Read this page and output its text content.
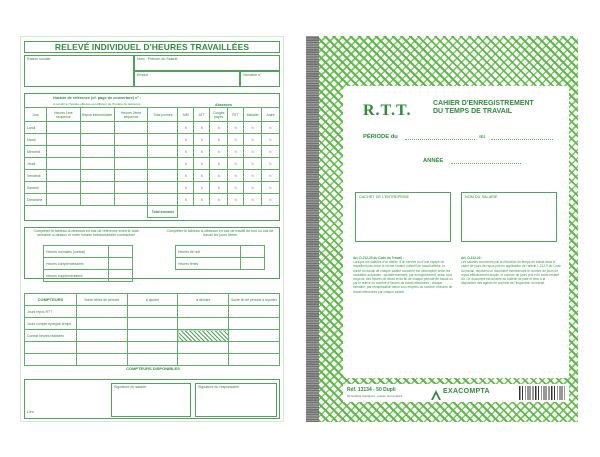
RELEVÉ INDIVIDUEL D'HEURES TRAVAILLÉES
Raison sociale	Nom - Prénom du Salarié
Emploi	Semaine n°
Horaire de référence (cf. page de couverture) n° :
A remplir si l'horaire effectué est différent de l'horaire de référence	Absences
Jour	Heures 1ère séquence	Repos intermédiaire	Heures 2ème séquence	Total journée	MM	ATT	Congés payés	RTT	Maladie	Autre
Lundi					h	h	h	h	h	h
Mardi					h	h	h	h	h	h
Mercredi					h	h	h	h	h	h
Jeudi					h	h	h	h	h	h
Vendredi					h	h	h	h	h	h
Samedi					h	h	h	h	h	h
Dimanche					h	h	h	h	h	h
				Total semaine						
Compléter le tableau ci-dessous en cas de référence entre le total semaine ci-dessus et votre horaire hebdomadaire contractuel
Compléter le tableau ci-dessous en cas de travail de nuit ou cas de travail les jours fériés
Heures normales (contrat)	
Heures complémentaires	
Heures supplémentaires	
Heures de nuit	
Heures fériés	
COMPTEURS	Solde début de période	à ajouter	à déduire	Solde fin de période à reporter
Jours repos RTT				
Jours compte épargne-temps				
Contrat heures réalisées				

COMPTEURS DISPONIBLES
Signature du salarié	Signature du responsable
Lieu
R.T.T.	CAHIER D'ENREGISTREMENT
DU TEMPS DE TRAVAIL
PÉRIODE du	au
ANNÉE
CACHET DE L'ENTREPRISE	NOM DU SALARIÉ
Art. D.212-20 du Code du Travail :
Lorsque les salariés d'un atelier, d'un service ou d'une équipe ne travaillent pas selon le même horaire collectif de travail affiché, la durée du travail de chaque salarié concerné est décomptée selon les modalités suivantes : quotidiennement, par enregistrement, selon tous moyens, des heures de début et de fin de chaque période de travail ou par le relevé du nombre d'heures de travail effectuées ; chaque semaine, par récapitulation selon tous moyens du nombre d'heures de travail effectuées par chaque salarié.
Art. D.212-22 :
Les salariés concernés par la réduction du temps de travail dans le cadre de jours de repos pris en application de l'article L.212-9 du Code du travail, reçoivent un document mentionnant le nombre de jours de repos effectivement acquis, le nombre de jours pris et le solde restant dû. Ce document est annexé au bulletin de paie et tenu à la disposition des agents de contrôle de l'inspection du travail.
Réf. 13134 - 50 Dupli
50 feuillets dupliqués - papier autocopiant
EXACOMPTA
